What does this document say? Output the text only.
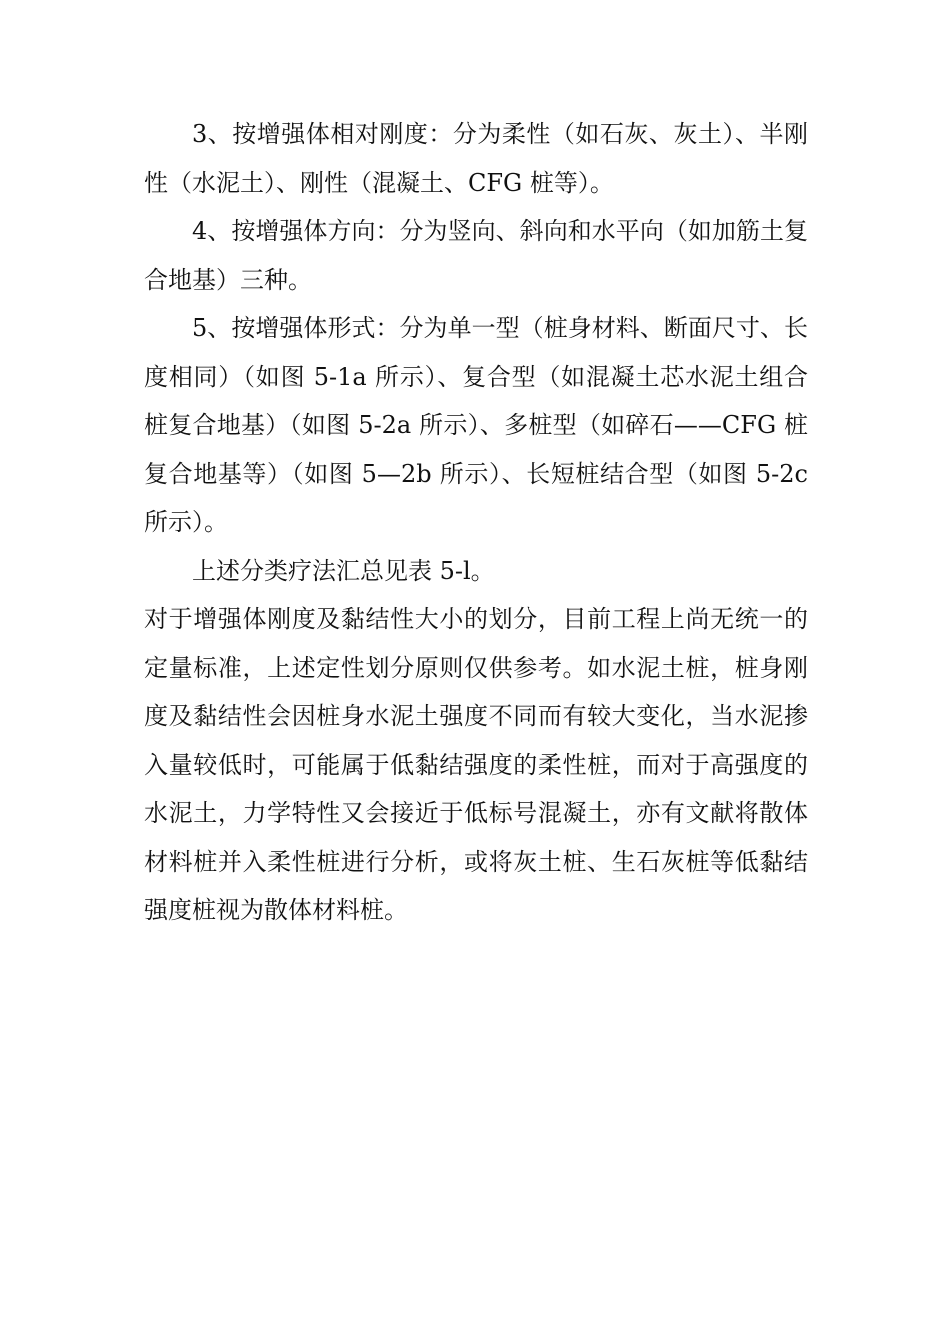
3、按增强体相对刚度：分为柔性（如石灰、灰土）、半刚性（水泥土）、刚性（混凝土、CFG 桩等）。

4、按增强体方向：分为竖向、斜向和水平向（如加筋土复合地基）三种。

5、按增强体形式：分为单一型（桩身材料、断面尺寸、长度相同）（如图 5-1a 所示）、复合型（如混凝土芯水泥土组合桩复合地基）（如图 5-2a 所示）、多桩型（如碎石——CFG 桩复合地基等）（如图 5—2b 所示）、长短桩结合型（如图 5-2c 所示）。

上述分类疗法汇总见表 5-l。

对于增强体刚度及黏结性大小的划分，目前工程上尚无统一的定量标准，上述定性划分原则仅供参考。如水泥土桩，桩身刚度及黏结性会因桩身水泥土强度不同而有较大变化，当水泥掺入量较低时，可能属于低黏结强度的柔性桩，而对于高强度的水泥土，力学特性又会接近于低标号混凝土，亦有文献将散体材料桩并入柔性桩进行分析，或将灰土桩、生石灰桩等低黏结强度桩视为散体材料桩。
